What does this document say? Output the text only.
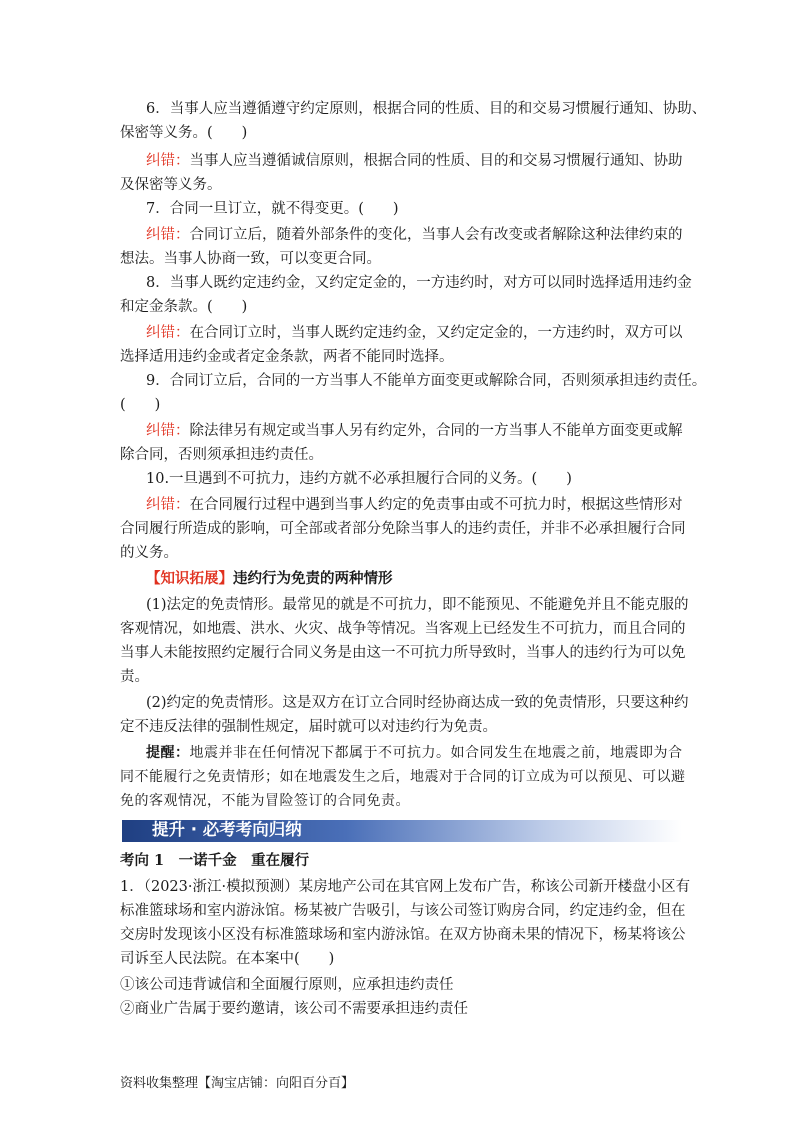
6．当事人应当遵循遵守约定原则，根据合同的性质、目的和交易习惯履行通知、协助、
保密等义务。(　　)
纠错：当事人应当遵循诚信原则，根据合同的性质、目的和交易习惯履行通知、协助
及保密等义务。
7．合同一旦订立，就不得变更。(　　)
纠错：合同订立后，随着外部条件的变化，当事人会有改变或者解除这种法律约束的
想法。当事人协商一致，可以变更合同。
8．当事人既约定违约金，又约定定金的，一方违约时，对方可以同时选择适用违约金
和定金条款。(　　)
纠错：在合同订立时，当事人既约定违约金，又约定定金的，一方违约时，双方可以
选择适用违约金或者定金条款，两者不能同时选择。
9．合同订立后，合同的一方当事人不能单方面变更或解除合同，否则须承担违约责任。
(　　)
纠错：除法律另有规定或当事人另有约定外，合同的一方当事人不能单方面变更或解
除合同，否则须承担违约责任。
10.一旦遇到不可抗力，违约方就不必承担履行合同的义务。(　　)
纠错：在合同履行过程中遇到当事人约定的免责事由或不可抗力时，根据这些情形对
合同履行所造成的影响，可全部或者部分免除当事人的违约责任，并非不必承担履行合同
的义务。
【知识拓展】违约行为免责的两种情形
(1)法定的免责情形。最常见的就是不可抗力，即不能预见、不能避免并且不能克服的
客观情况，如地震、洪水、火灾、战争等情况。当客观上已经发生不可抗力，而且合同的
当事人未能按照约定履行合同义务是由这一不可抗力所导致时，当事人的违约行为可以免
责。
(2)约定的免责情形。这是双方在订立合同时经协商达成一致的免责情形，只要这种约
定不违反法律的强制性规定，届时就可以对违约行为免责。
提醒：地震并非在任何情况下都属于不可抗力。如合同发生在地震之前，地震即为合
同不能履行之免责情形；如在地震发生之后，地震对于合同的订立成为可以预见、可以避
免的客观情况，不能为冒险签订的合同免责。
提升 · 必考考向归纳
考向 1　一诺千金　重在履行
1．（2023·浙江·模拟预测）某房地产公司在其官网上发布广告，称该公司新开楼盘小区有
标准篮球场和室内游泳馆。杨某被广告吸引，与该公司签订购房合同，约定违约金，但在
交房时发现该小区没有标准篮球场和室内游泳馆。在双方协商未果的情况下，杨某将该公
司诉至人民法院。在本案中(　　)
①该公司违背诚信和全面履行原则，应承担违约责任
②商业广告属于要约邀请，该公司不需要承担违约责任
资料收集整理【淘宝店铺：向阳百分百】
